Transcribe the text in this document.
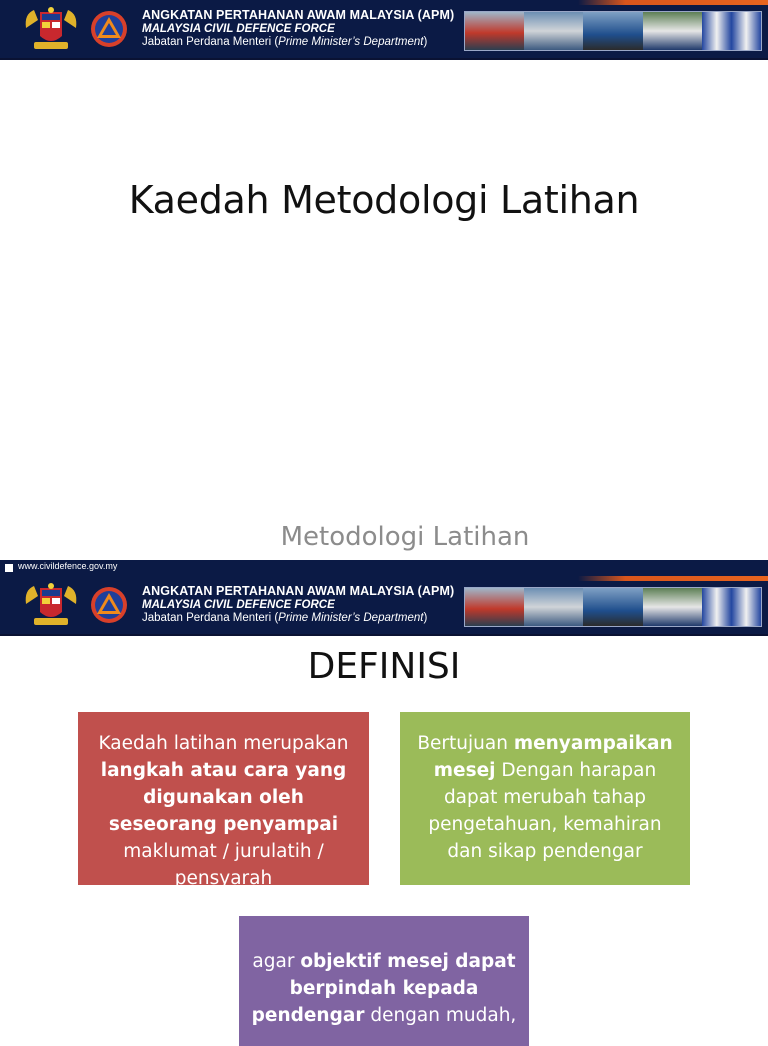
ANGKATAN PERTAHANAN AWAM MALAYSIA (APM)
MALAYSIA CIVIL DEFENCE FORCE
Jabatan Perdana Menteri (Prime Minister’s Department)
Kaedah Metodologi Latihan
Metodologi Latihan
www.civildefence.gov.my
ANGKATAN PERTAHANAN AWAM MALAYSIA (APM)
MALAYSIA CIVIL DEFENCE FORCE
Jabatan Perdana Menteri (Prime Minister’s Department)
DEFINISI
Kaedah latihan merupakan langkah atau cara yang digunakan oleh seseorang penyampai maklumat / jurulatih / pensyarah
Bertujuan menyampaikan mesej Dengan harapan dapat merubah tahap pengetahuan, kemahiran dan sikap pendengar
agar objektif mesej dapat berpindah kepada pendengar dengan mudah,
